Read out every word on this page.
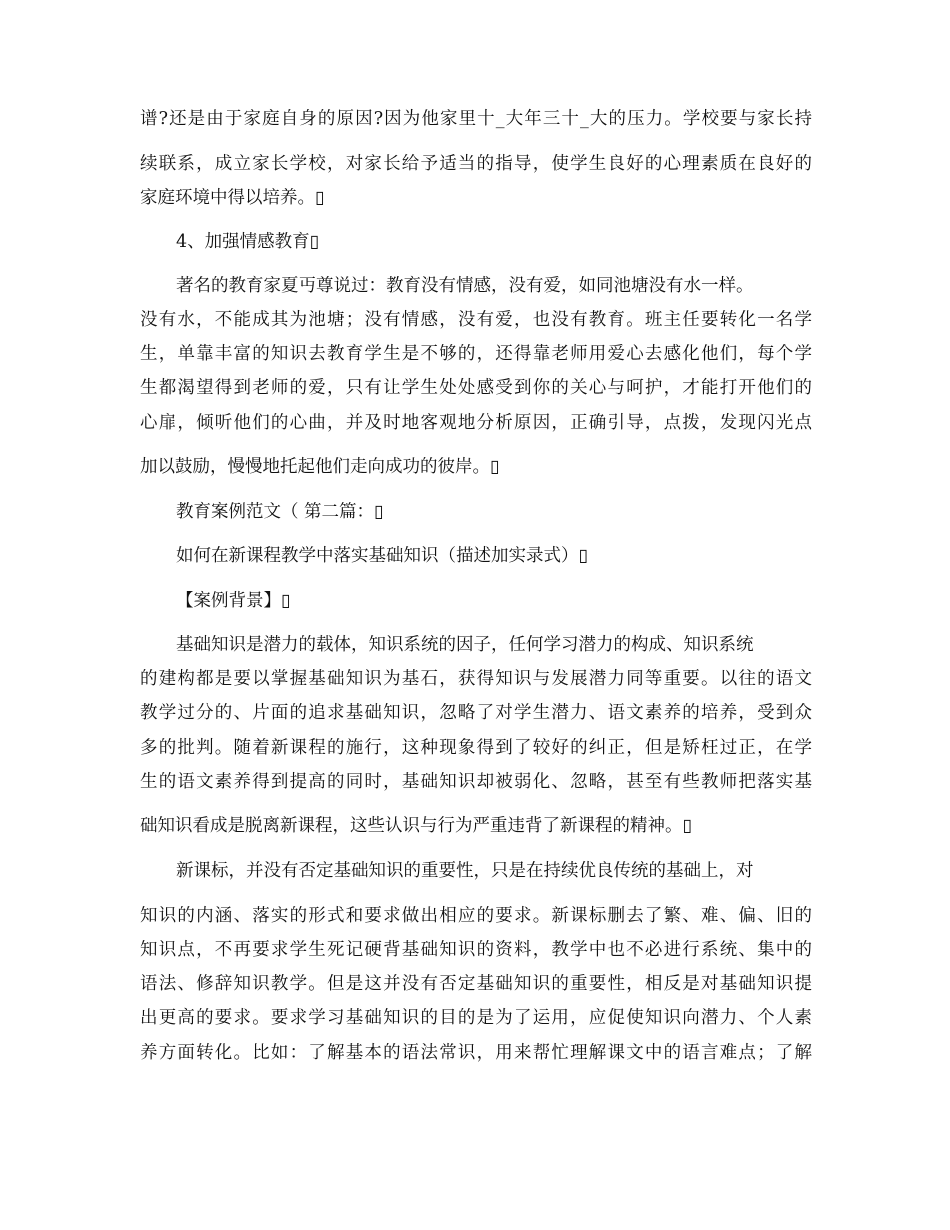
谱?还是由于家庭自身的原因?因为他家里十_大年三十_大的压力。学校要与家长持
续联系，成立家长学校，对家长给予适当的指导，使学生良好的心理素质在良好的
家庭环境中得以培养。▯
4、加强情感教育▯
著名的教育家夏丏尊说过：教育没有情感，没有爱，如同池塘没有水一样。
没有水，不能成其为池塘；没有情感，没有爱，也没有教育。班主任要转化一名学
生，单靠丰富的知识去教育学生是不够的，还得靠老师用爱心去感化他们，每个学
生都渴望得到老师的爱，只有让学生处处感受到你的关心与呵护，才能打开他们的
心扉，倾听他们的心曲，并及时地客观地分析原因，正确引导，点拨，发现闪光点
加以鼓励，慢慢地托起他们走向成功的彼岸。▯
教育案例范文（ 第二篇：▯
如何在新课程教学中落实基础知识（描述加实录式）▯
【案例背景】▯
基础知识是潜力的载体，知识系统的因子，任何学习潜力的构成、知识系统
的建构都是要以掌握基础知识为基石，获得知识与发展潜力同等重要。以往的语文
教学过分的、片面的追求基础知识，忽略了对学生潜力、语文素养的培养，受到众
多的批判。随着新课程的施行，这种现象得到了较好的纠正，但是矫枉过正，在学
生的语文素养得到提高的同时，基础知识却被弱化、忽略，甚至有些教师把落实基
础知识看成是脱离新课程，这些认识与行为严重违背了新课程的精神。▯
新课标，并没有否定基础知识的重要性，只是在持续优良传统的基础上，对
知识的内涵、落实的形式和要求做出相应的要求。新课标删去了繁、难、偏、旧的
知识点，不再要求学生死记硬背基础知识的资料，教学中也不必进行系统、集中的
语法、修辞知识教学。但是这并没有否定基础知识的重要性，相反是对基础知识提
出更高的要求。要求学习基础知识的目的是为了运用，应促使知识向潜力、个人素
养方面转化。比如：了解基本的语法常识，用来帮忙理解课文中的语言难点；了解
